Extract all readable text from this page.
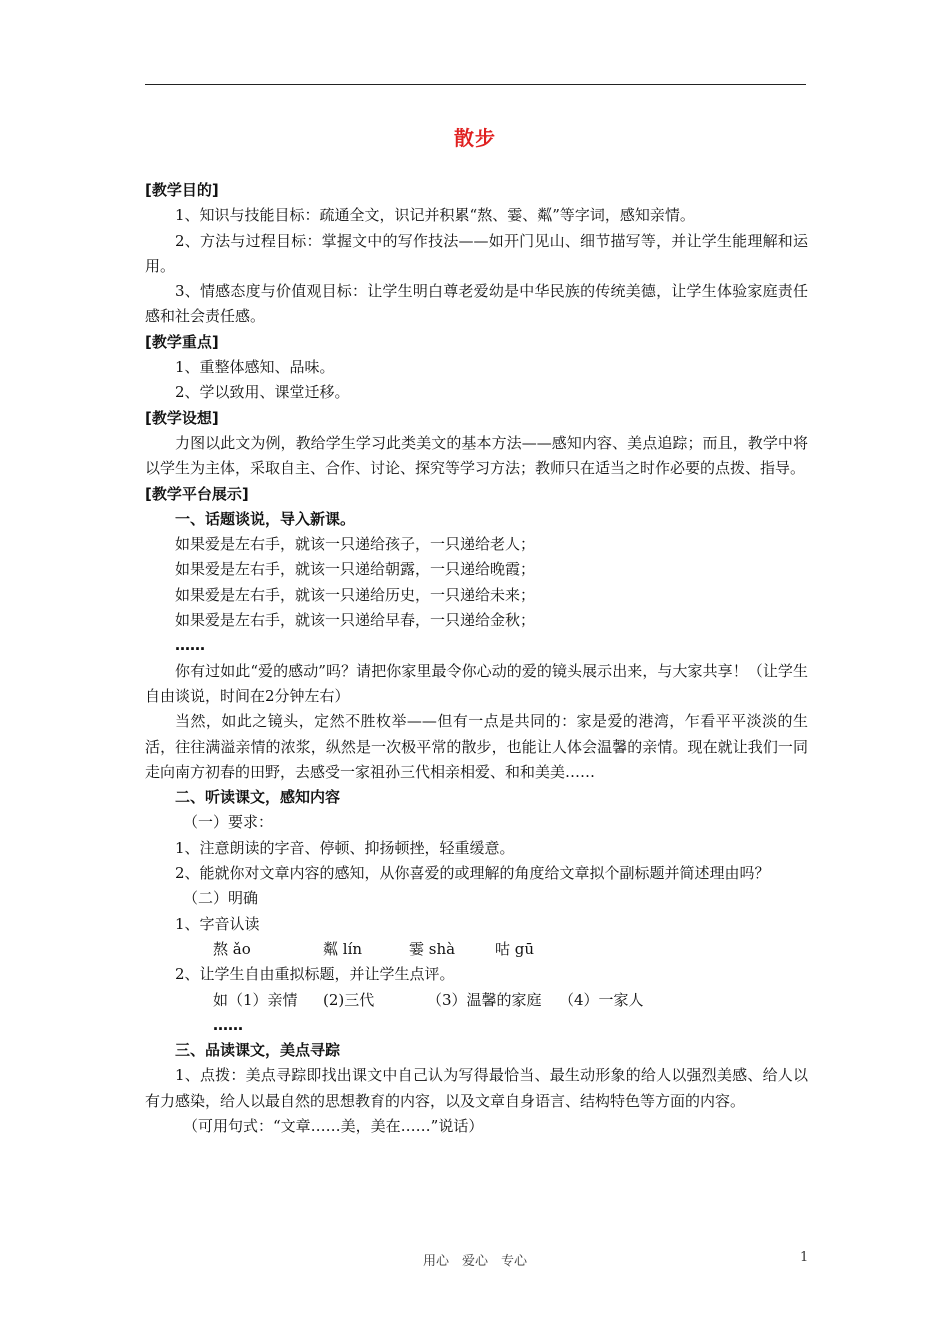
散步

[教学目的]

1、知识与技能目标：疏通全文，识记并积累“熬、霎、粼”等字词，感知亲情。

2、方法与过程目标：掌握文中的写作技法——如开门见山、细节描写等，并让学生能理解和运用。

3、情感态度与价值观目标：让学生明白尊老爱幼是中华民族的传统美德，让学生体验家庭责任感和社会责任感。

[教学重点]

1、重整体感知、品味。

2、学以致用、课堂迁移。

[教学设想]

力图以此文为例，教给学生学习此类美文的基本方法——感知内容、美点追踪；而且，教学中将以学生为主体，采取自主、合作、讨论、探究等学习方法；教师只在适当之时作必要的点拨、指导。

[教学平台展示]

一、话题谈说，导入新课。

如果爱是左右手，就该一只递给孩子，一只递给老人；

如果爱是左右手，就该一只递给朝露，一只递给晚霞；

如果爱是左右手，就该一只递给历史，一只递给未来；

如果爱是左右手，就该一只递给早春，一只递给金秋；

……

你有过如此“爱的感动”吗？请把你家里最令你心动的爱的镜头展示出来，与大家共享！（让学生自由谈说，时间在2分钟左右）

当然，如此之镜头，定然不胜枚举——但有一点是共同的：家是爱的港湾，乍看平平淡淡的生活，往往满溢亲情的浓浆，纵然是一次极平常的散步，也能让人体会温馨的亲情。现在就让我们一同走向南方初春的田野，去感受一家祖孙三代相亲相爱、和和美美……

二、听读课文，感知内容

（一）要求：

1、注意朗读的字音、停顿、抑扬顿挫，轻重缓意。

2、能就你对文章内容的感知，从你喜爱的或理解的角度给文章拟个副标题并简述理由吗？

（二）明确

1、字音认读

熬 ǎo	粼 lín	霎 shà	咕 gū

2、让学生自由重拟标题，并让学生点评。

如（1）亲情 (2)三代	（3）温馨的家庭 （4）一家人

……

三、品读课文，美点寻踪

1、点拨：美点寻踪即找出课文中自己认为写得最恰当、最生动形象的给人以强烈美感、给人以有力感染，给人以最自然的思想教育的内容，以及文章自身语言、结构特色等方面的内容。

（可用句式：“文章……美，美在……”说话）

用心　爱心　专心	1
